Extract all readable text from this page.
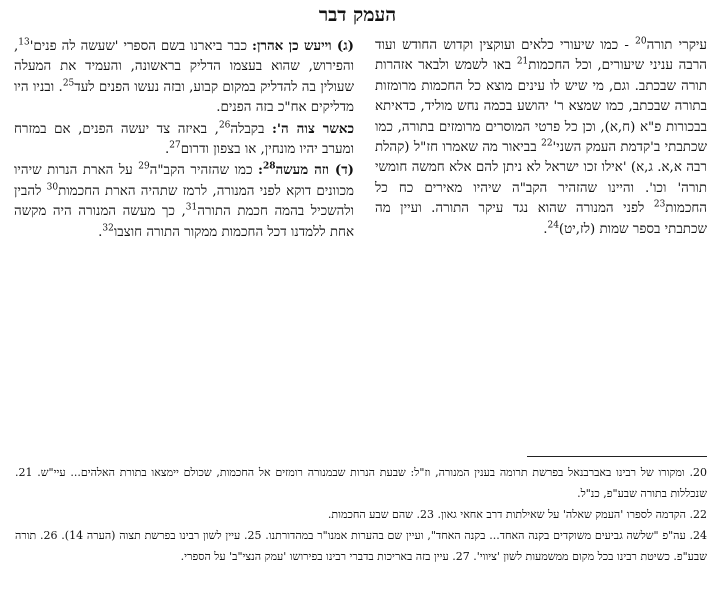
העמק דבר

עיקרי תורה$^{20}$ - כמו שיעורי כלאים ועוקצין וקדוש החודש ועוד הרבה עניני שיעורים, וכל החכמות$^{21}$ באו לשמש ולבאר אזהרות תורה שבכתב. וגם, מי שיש לו עינים מוצא כל החכמות מרומזות בתורה שבכתב, כמו שמצא ר' יהושע בכמה נחש מוליד, כדאיתא בבכורות פ"א (ח,א), וכן כל פרטי המוסרים מרומזים בתורה, כמו שכתבתי ב'קדמת העמק השני'$^{22}$ בביאור מה שאמרו חז"ל (קהלת רבה א,א. ג,א) 'אילו זכו ישראל לא ניתן להם אלא חמשה חומשי תורה' וכו'. והיינו שהזהיר הקב"ה שיהיו מאירים כח כל החכמות$^{23}$ לפני המנורה שהוא נגד עיקר התורה. ועיין מה שכתבתי בספר שמות (לז,יט)$^{24}$.

(ג) וייעש כן אהרן: כבר ביארנו בשם הספרי 'שעשה לה פנים'$^{13}$, והפירוש, שהוא בעצמו הדליק בראשונה, והעמיד את המעלה שעולין בה להדליק במקום קבוע, ובזה נעשו הפנים לעד$^{25}$. ובניו היו מדליקים אח"כ בזה הפנים.

כאשר צוה ה': בקבלה$^{26}$, באיזה צד יעשה הפנים, אם במזרח ומערב יהיו מונחין, או בצפון ודרום$^{27}$.

(ד) וזה מעשה$^{28}$: כמו שהזהיר הקב"ה$^{29}$ על הארת הנרות שיהיו מכוונים דוקא לפני המנורה, לרמז שתהיה הארת החכמות$^{30}$ להבין ולהשכיל בהמה חכמת התורה$^{31}$, כך מעשה המנורה היה מקשה אחת ללמדנו דכל החכמות ממקור התורה חוצבו$^{32}$.

20. ומקורו של רבינו באברבנאל בפרשת תרומה בענין המנורה, וז"ל: שבעת הנרות שבמנורה רומזים אל החכמות, שכולם יימצאו בתורת האלהים... עיי"ש. 21. שנכללות בתורה שבע"פ, כנ"ל.

22. הקדמה לספרו 'העמק שאלה' על שאילתות דרב אחאי גאון. 23. שהם שבע החכמות.

24. עה"פ "שלשה גביעים משוקדים בקנה האחד... בקנה האחד", ועיין שם בהערות אמנו"ר במהדורתנו. 25. עיין לשון רבינו בפרשת תצוה (הערה 14). 26. תורה שבע"פ. כשיטת רבינו בכל מקום ממשמעות לשון 'ציווי'. 27. עיין בזה באריכות בדברי רבינו בפירושו 'עמק הנצי"ב' על הספרי.
